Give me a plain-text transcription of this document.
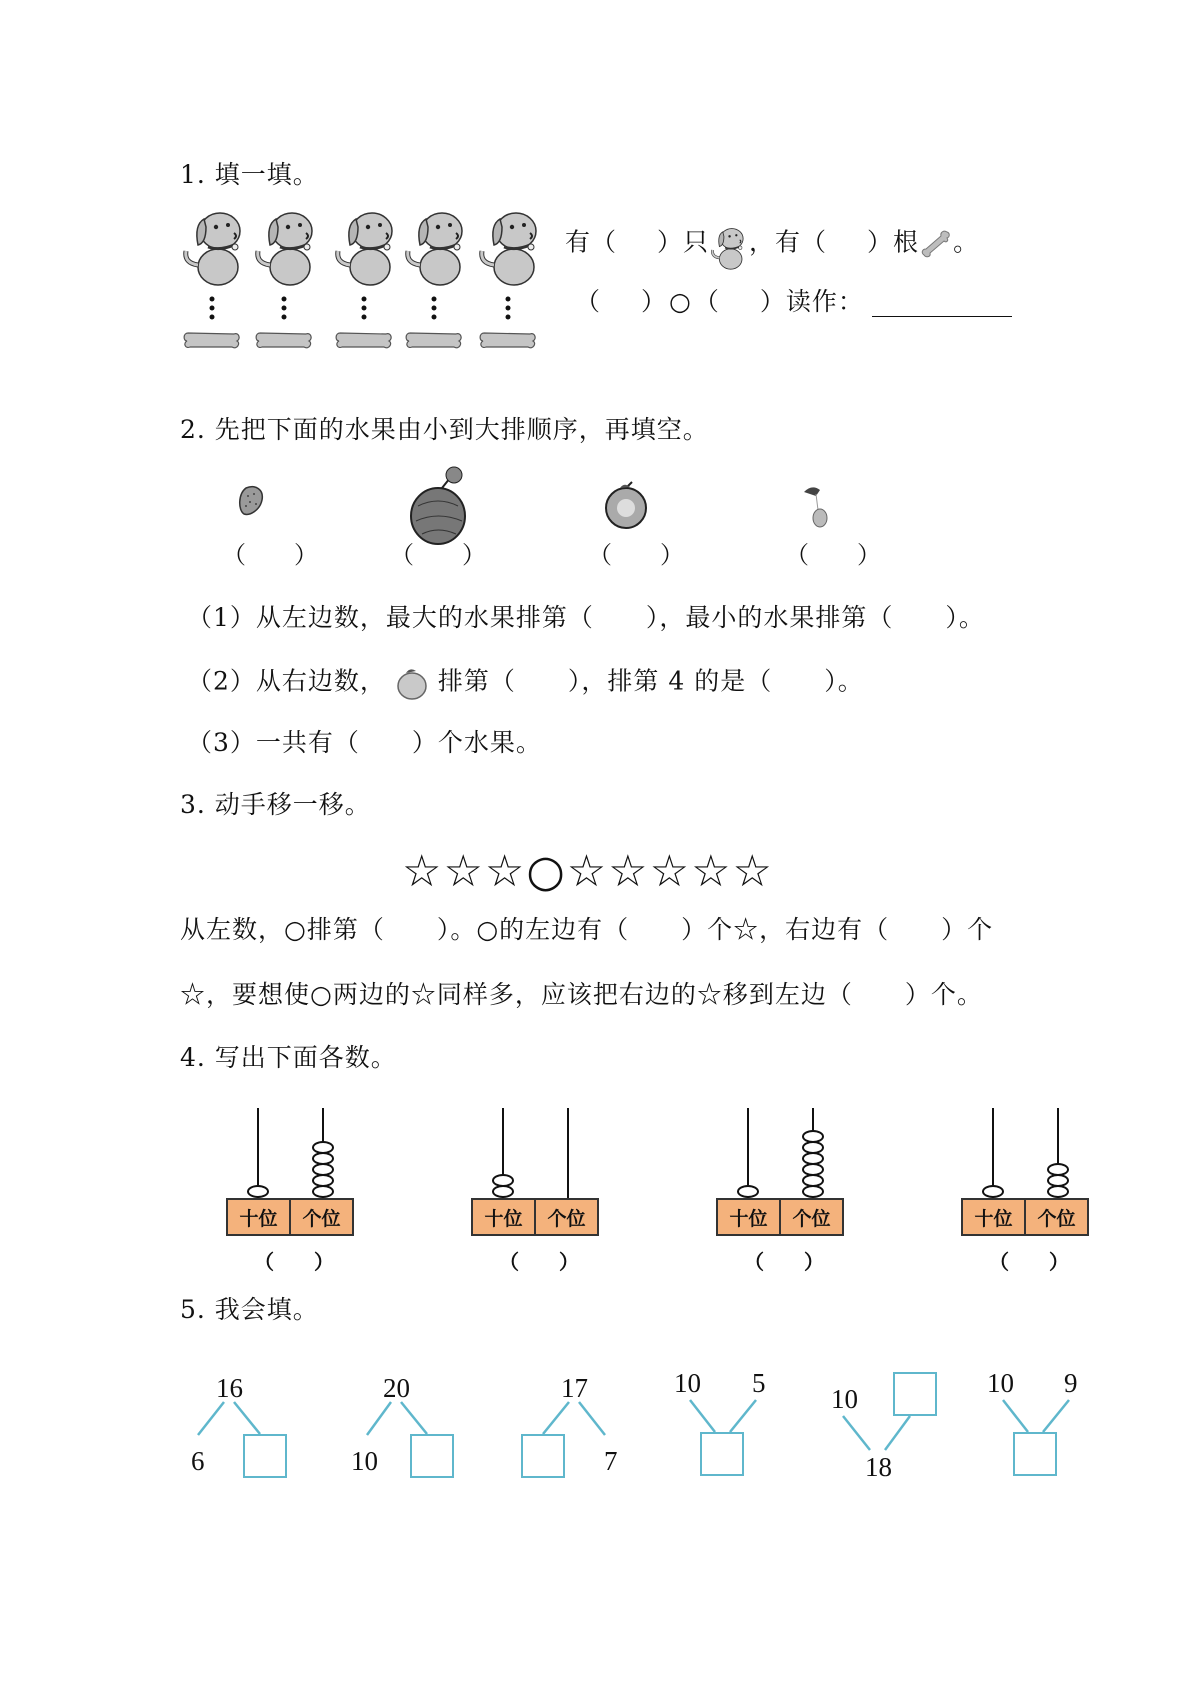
1. 填一填。
有（ ）只 ，有（ ）根 。
（ ）○（ ）读作：
2. 先把下面的水果由小到大排顺序，再填空。
（　　）	（　　）	（　　）	（　　）
（1）从左边数，最大的水果排第（　　），最小的水果排第（　　）。
（2）从右边数， 排第（　　），排第 4 的是（　　）。
（3）一共有（　　）个水果。
3. 动手移一移。
☆☆☆○☆☆☆☆☆
从左数，○排第（　　）。○的左边有（　　）个☆，右边有（　　）个
☆，要想使○两边的☆同样多，应该把右边的☆移到左边（　　）个。
4. 写出下面各数。
十位	个位
（　　）
十位	个位
（　　）
十位	个位
（　　）
十位	个位
（　　）
5. 我会填。
16
6
20
10
17
7
10 5
10
18
10 9
